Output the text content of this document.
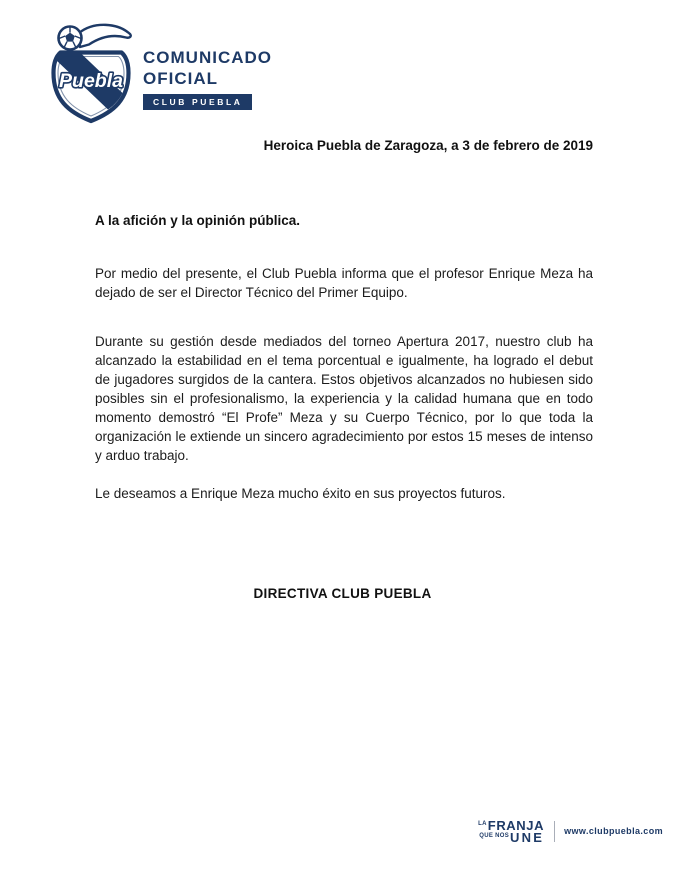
Puebla
COMUNICADO
OFICIAL
CLUB PUEBLA
Heroica Puebla de Zaragoza, a 3 de febrero de 2019
A la afición y la opinión pública.

Por medio del presente, el Club Puebla informa que el profesor Enrique Meza ha dejado de ser el Director Técnico del Primer Equipo.

Durante su gestión desde mediados del torneo Apertura 2017, nuestro club ha alcanzado la estabilidad en el tema porcentual e igualmente, ha logrado el debut de jugadores surgidos de la cantera. Estos objetivos alcanzados no hubiesen sido posibles sin el profesionalismo, la experiencia y la calidad humana que en todo momento demostró “El Profe” Meza y su Cuerpo Técnico, por lo que toda la organización le extiende un sincero agradecimiento por estos 15 meses de intenso y arduo trabajo.

Le deseamos a Enrique Meza mucho éxito en sus proyectos futuros.

DIRECTIVA CLUB PUEBLA
LA FRANJA
QUE NOS UNE www.clubpuebla.com
